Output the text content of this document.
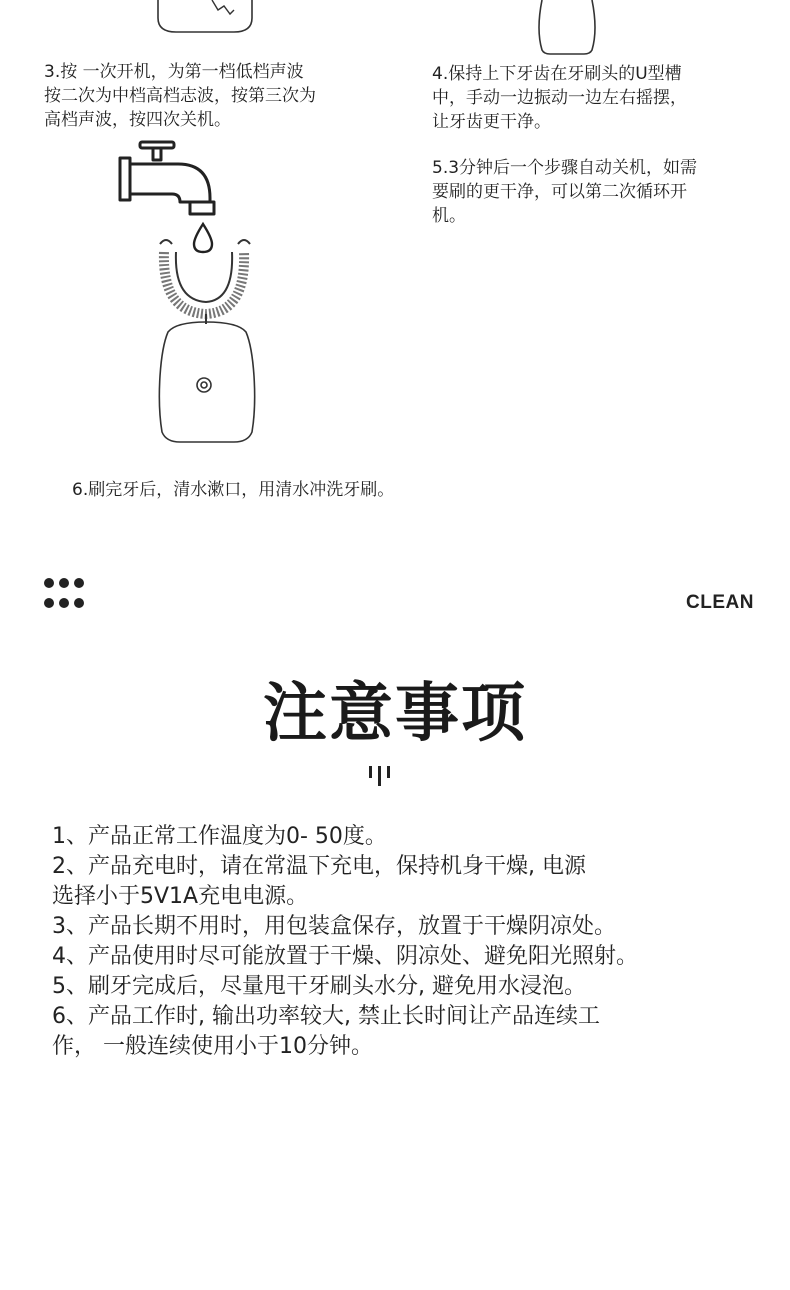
3.按 一次开机，为第一档低档声波
按二次为中档高档志波，按第三次为
高档声波，按四次关机。
4.保持上下牙齿在牙刷头的U型槽
中，手动一边振动一边左右摇摆，
让牙齿更干净。
5.3分钟后一个步骤自动关机，如需
要刷的更干净，可以第二次循环开
机。
6.刷完牙后，清水漱口，用清水冲洗牙刷。
CLEAN
注意事项
1、产品正常工作温度为0- 50度。
2、产品充电时，请在常温下充电，保持机身干燥, 电源
选择小于5V1A充电电源。
3、产品长期不用时，用包装盒保存，放置于干燥阴凉处。
4、产品使用时尽可能放置于干燥、阴凉处、避免阳光照射。
5、刷牙完成后，尽量甩干牙刷头水分, 避免用水浸泡。
6、产品工作时, 输出功率较大, 禁止长时间让产品连续工
作， 一般连续使用小于10分钟。
